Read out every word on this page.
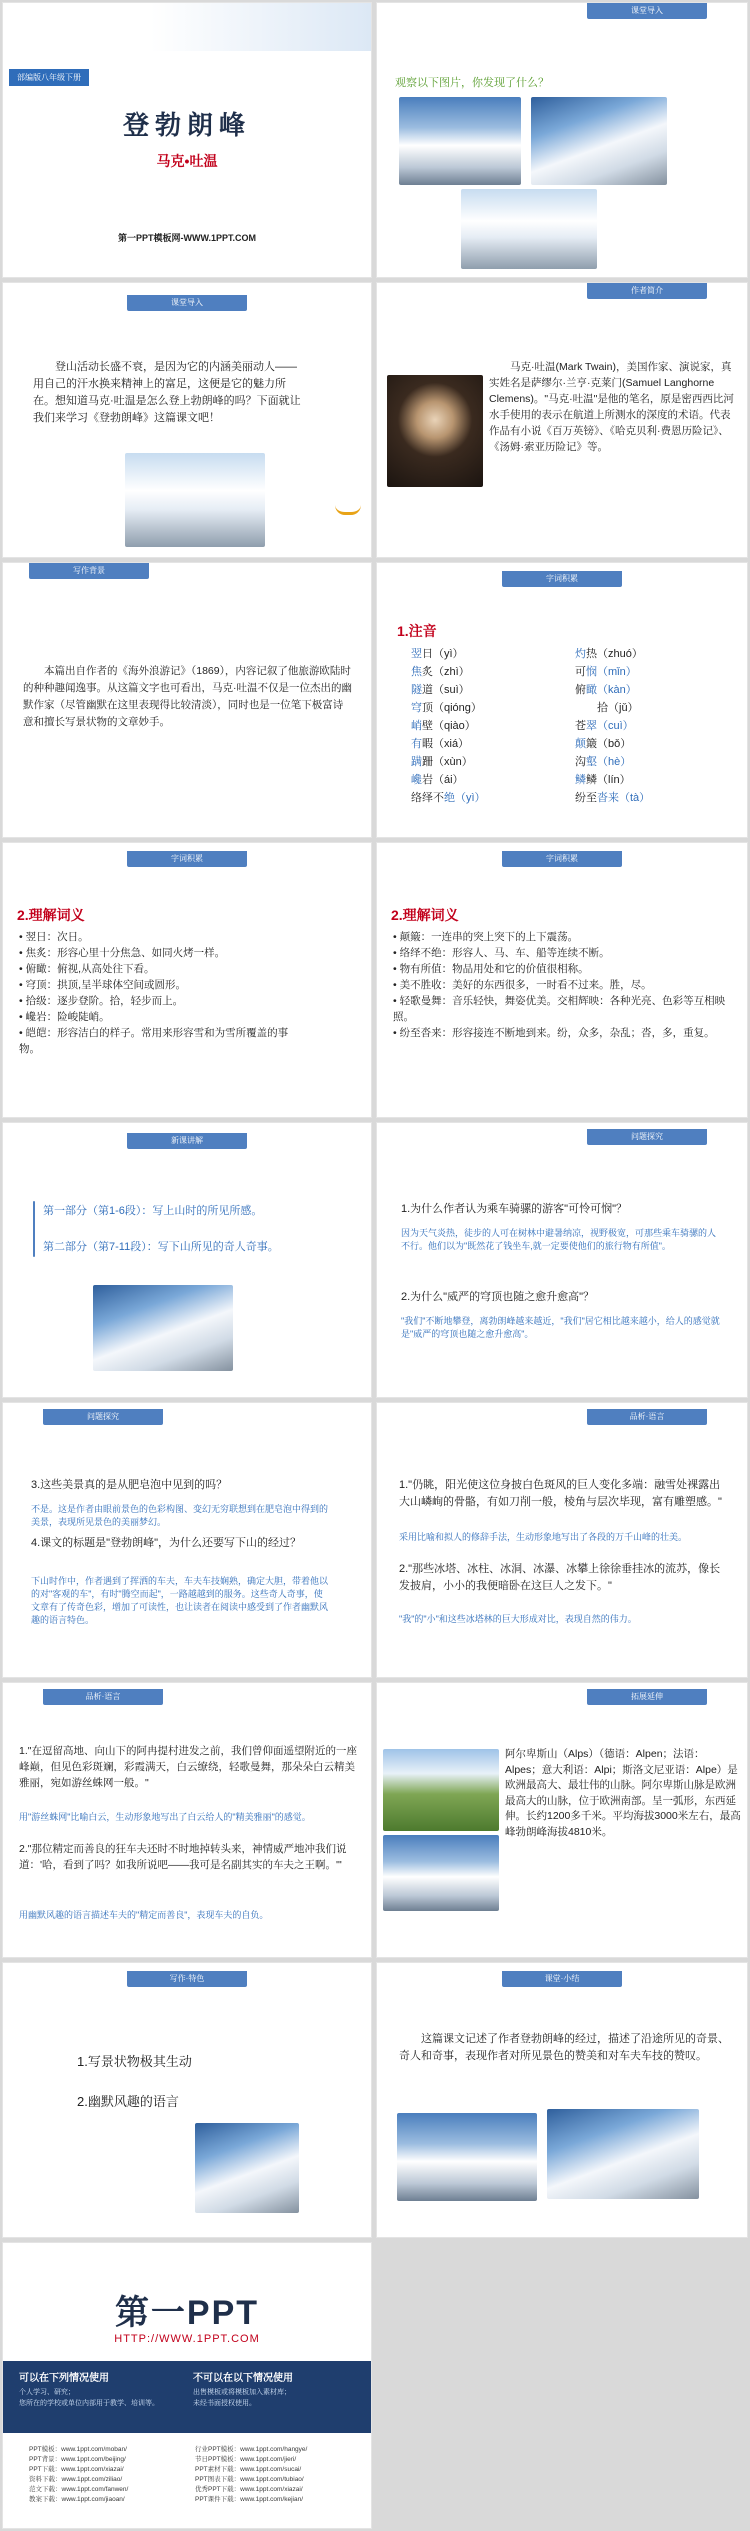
部编版八年级下册
登勃朗峰
马克•吐温
第一PPT模板网-WWW.1PPT.COM
课堂导入
观察以下图片，你发现了什么？
课堂导入
登山活动长盛不衰，是因为它的内涵美丽动人——用自己的汗水换来精神上的富足，这便是它的魅力所在。想知道马克·吐温是怎么登上勃朗峰的吗？下面就让我们来学习《登勃朗峰》这篇课文吧！
作者简介
马克·吐温(Mark Twain)，美国作家、演说家，真实姓名是萨缪尔·兰亨·克莱门(Samuel Langhorne Clemens)。"马克·吐温"是他的笔名，原是密西西比河水手使用的表示在航道上所测水的深度的术语。代表作品有小说《百万英镑》、《哈克贝利·费恩历险记》、《汤姆·索亚历险记》等。
写作背景
本篇出自作者的《海外浪游记》（1869），内容记叙了他旅游欧陆时的种种趣闻逸事。从这篇文字也可看出，马克·吐温不仅是一位杰出的幽默作家（尽管幽默在这里表现得比较清淡），同时也是一位笔下极富诗意和擅长写景状物的文章妙手。
字词积累
1.注音
翌日（yì）
焦炙（zhì）
隧道（suì）
穹顶（qióng）
峭壁（qiào）
有暇（xiá）
蹒跚（xùn）
巉岩（ái）
络绎不绝（yì）
灼热（zhuó）
可悯（mǐn）
俯瞰（kàn）
拾（jǔ）
苍翠（cuì）
颠簸（bǒ）
沟壑（hè）
鳞鳞（lín）
纷至沓来（tà）
字词积累
2.理解词义
• 翌日：次日。
• 焦炙：形容心里十分焦急、如同火烤一样。
• 俯瞰：俯视,从高处往下看。
• 穹顶：拱顶,呈半球体空间或圆形。
• 拾级：逐步登阶。拾，轻步而上。
• 巉岩：险峻陡峭。
• 皑皑：形容洁白的样子。常用来形容雪和为雪所覆盖的事物。
字词积累
2.理解词义
• 颠簸：一连串的突上突下的上下震荡。
• 络绎不绝：形容人、马、车、船等连续不断。
• 物有所值：物品用处和它的价值很相称。
• 美不胜收：美好的东西很多，一时看不过来。胜，尽。
• 轻歌曼舞：音乐轻快，舞姿优美。交相辉映：各种光亮、色彩等互相映照。
• 纷至沓来：形容接连不断地到来。纷，众多，杂乱；沓，多，重复。
新课讲解
第一部分（第1-6段）：写上山时的所见所感。
第二部分（第7-11段）：写下山所见的奇人奇事。
问题探究
1.为什么作者认为乘车骑骡的游客"可怜可悯"？
因为天气炎热，徒步的人可在树林中避暑纳凉，视野极宽，可那些乘车骑骡的人不行。他们以为"既然花了钱坐车,就一定要使他们的旅行物有所值"。
2.为什么"威严的穹顶也随之愈升愈高"？
"我们"不断地攀登，离勃朗峰越来越近，"我们"居它相比越来越小，给人的感觉就是"威严的穹顶也随之愈升愈高"。
问题探究
3.这些美景真的是从肥皂泡中见到的吗？
不是。这是作者由眼前景色的色彩构图、变幻无穷联想到在肥皂泡中得到的美景，表现所见景色的美丽梦幻。
4.课文的标题是"登勃朗峰"，为什么还要写下山的经过？
下山时作中，作者遇到了挥洒的车夫，车夫车技娴熟，确定大胆，带着他以的对"客观的车"，有时"腾空而起"，一路越越到的服务。这些奇人奇事，使文章有了传奇色彩，增加了可读性，也让读者在阅读中感受到了作者幽默风趣的语言特色。
品析·语言
1."仍眺，阳光使这位身披白色斑风的巨人变化多端：融雪处裸露出大山嶙峋的骨骼，有如刀削一般，棱角与层次毕现，富有雕塑感。"
采用比喻和拟人的修辞手法，生动形象地写出了各段的万千山峰的壮美。
2."那些冰塔、冰柱、冰洞、冰瀑、冰攀上徐徐垂挂冰的流苏，像长发披肩，小小的我便暗卧在这巨人之发下。"
"我"的"小"和这些冰塔林的巨大形成对比，表现自然的伟力。
品析·语言
1."在逗留高地、向山下的阿冉提村进发之前，我们曾仰面遥望附近的一座峰巅，但见色彩斑斓，彩霞满天，白云缭绕，轻歌曼舞，那朵朵白云精美雅丽，宛如游丝蛛网一般。"
用"游丝蛛网"比喻白云，生动形象地写出了白云给人的"精美雅丽"的感觉。
2."那位精定而善良的狂车夫还时不时地掉转头来，神情威严地冲我们说道：'哈，看到了吗？如我所说吧——我可是名副其实的车夫之王啊。'"
用幽默风趣的语言描述车夫的"精定而善良"，表现车夫的自负。
拓展延伸
阿尔卑斯山（Alps）（德语：Alpen；法语：Alpes；意大利语：Alpi；斯洛文尼亚语：Alpe）是欧洲最高大、最壮伟的山脉。阿尔卑斯山脉是欧洲最高大的山脉，位于欧洲南部。呈一弧形，东西延伸。长约1200多千米。平均海拔3000米左右，最高峰勃朗峰海拔4810米。
写作·特色
1.写景状物极其生动
2.幽默风趣的语言
课堂·小结
这篇课文记述了作者登勃朗峰的经过，描述了沿途所见的奇景、奇人和奇事，表现作者对所见景色的赞美和对车夫车技的赞叹。
第一PPT
HTTP://WWW.1PPT.COM
可以在下列情况使用
个人学习、研究；
您所在的学校或单位内部用于教学、培训等。
不可以在以下情况使用
出售模板或将模板加入素材库；
未经书面授权使用。
PPT模板：www.1ppt.com/moban/
PPT背景：www.1ppt.com/beijing/
PPT下载：www.1ppt.com/xiazai/
资料下载：www.1ppt.com/ziliao/
范文下载：www.1ppt.com/fanwen/
教案下载：www.1ppt.com/jiaoan/
行业PPT模板：www.1ppt.com/hangye/
节日PPT模板：www.1ppt.com/jieri/
PPT素材下载：www.1ppt.com/sucai/
PPT图表下载：www.1ppt.com/tubiao/
优秀PPT下载：www.1ppt.com/xiazai/
PPT课件下载：www.1ppt.com/kejian/
